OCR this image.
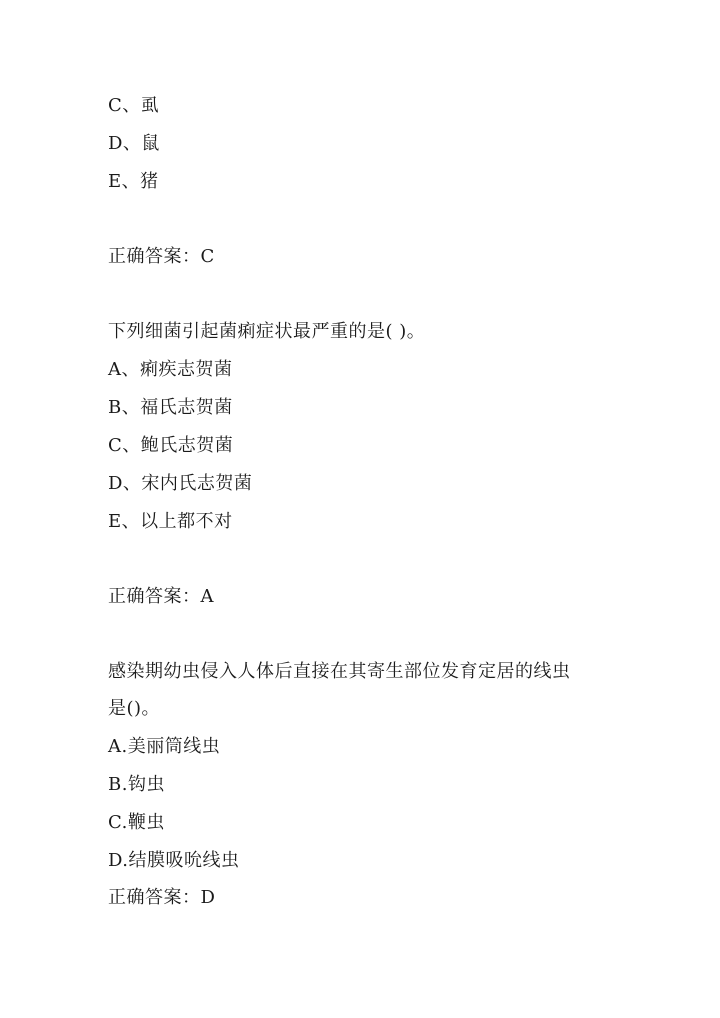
C、虱
D、鼠
E、猪
正确答案：C
下列细菌引起菌痢症状最严重的是( )。
A、痢疾志贺菌
B、福氏志贺菌
C、鲍氏志贺菌
D、宋内氏志贺菌
E、以上都不对
正确答案：A
感染期幼虫侵入人体后直接在其寄生部位发育定居的线虫
是()。
A.美丽筒线虫
B.钩虫
C.鞭虫
D.结膜吸吮线虫
正确答案：D
